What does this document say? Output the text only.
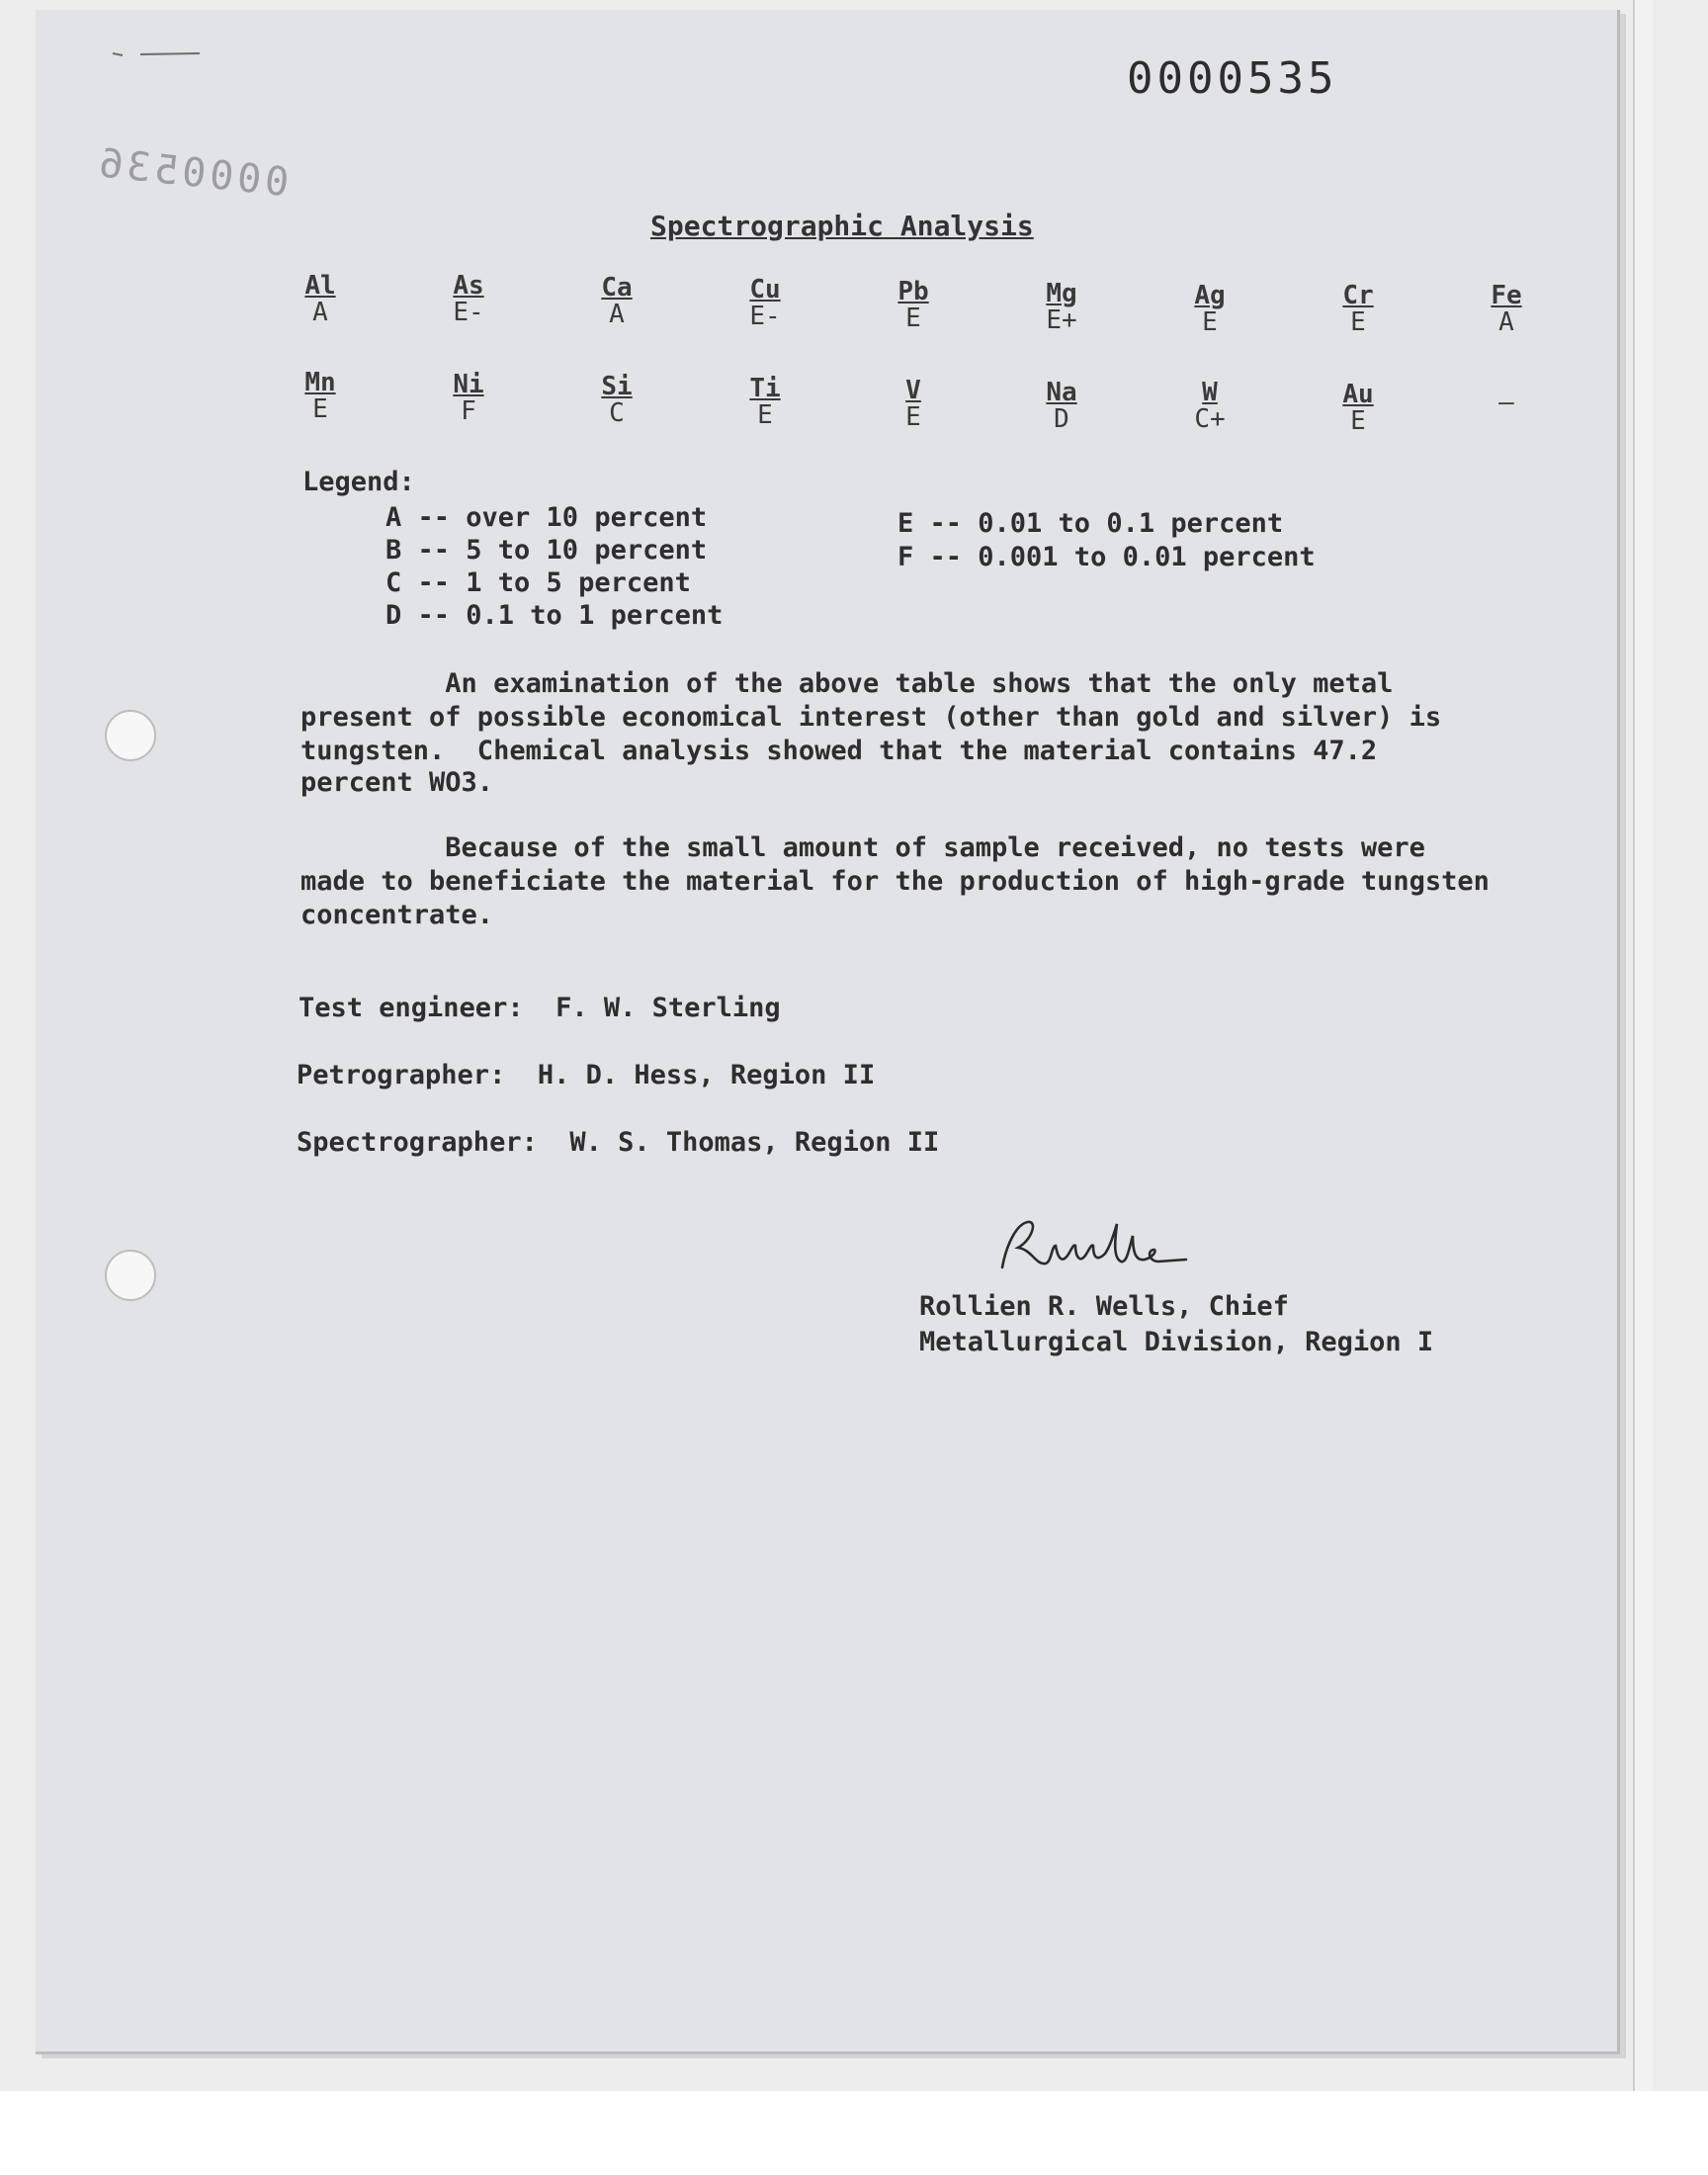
0000535
0000536
Spectrographic Analysis
Al
A
As
E-
Ca
A
Cu
E-
Pb
E
Mg
E+
Ag
E
Cr
E
Fe
A
Mn
E
Ni
F
Si
C
Ti
E
V
E
Na
D
W
C+
Au
E
—
Legend:
A -- over 10 percent
B -- 5 to 10 percent
C -- 1 to 5 percent
D -- 0.1 to 1 percent
E -- 0.01 to 0.1 percent
F -- 0.001 to 0.01 percent
An examination of the above table shows that the only metal
present of possible economical interest (other than gold and silver) is
tungsten.  Chemical analysis showed that the material contains 47.2
percent WO3.
Because of the small amount of sample received, no tests were
made to beneficiate the material for the production of high-grade tungsten
concentrate.
Test engineer:  F. W. Sterling
Petrographer:  H. D. Hess, Region II
Spectrographer:  W. S. Thomas, Region II
Rollien R. Wells, Chief
Metallurgical Division, Region I
